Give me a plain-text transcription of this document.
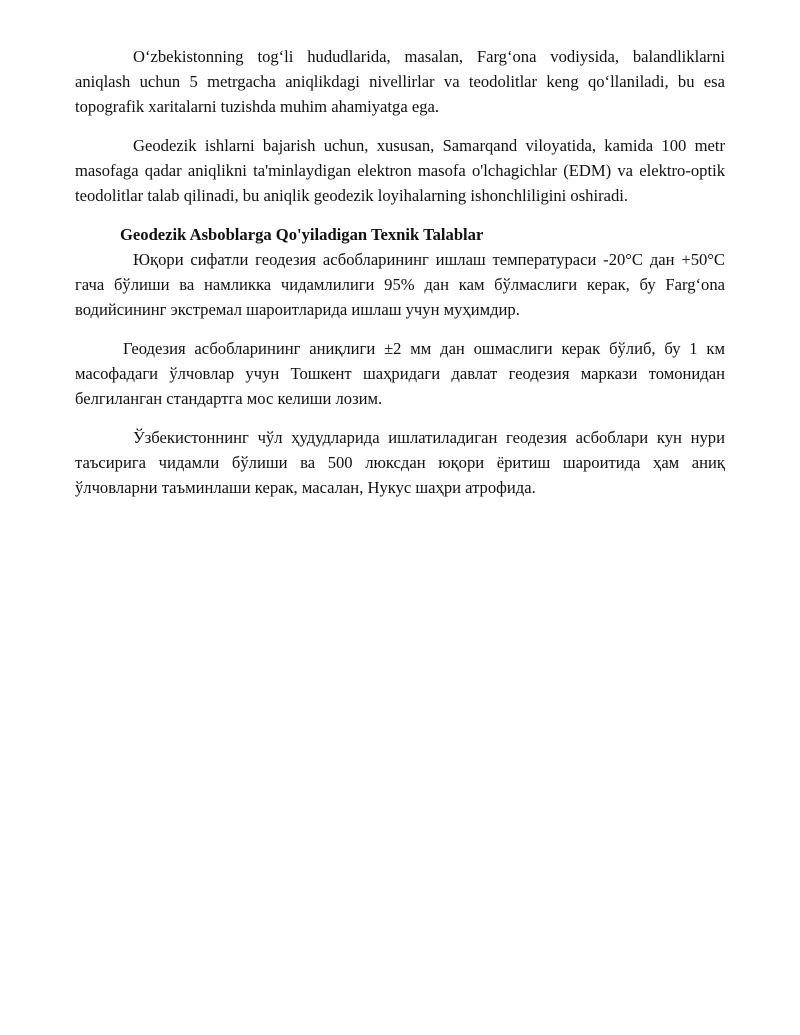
O‘zbekistonning tog‘li hududlarida, masalan, Farg‘ona vodiysida, balandliklarni aniqlash uchun 5 metrgacha aniqlikdagi nivellirlar va teodolitlar keng qo‘llaniladi, bu esa topografik xaritalarni tuzishda muhim ahamiyatga ega.

Geodezik ishlarni bajarish uchun, xususan, Samarqand viloyatida, kamida 100 metr masofaga qadar aniqlikni ta'minlaydigan elektron masofa o'lchagichlar (EDM) va elektro-optik teodolitlar talab qilinadi, bu aniqlik geodezik loyihalarning ishonchliligini oshiradi.

Geodezik Asboblarga Qo'yiladigan Texnik Talablar

Юқори сифатли геодезия асбобларининг ишлаш температураси -20°C дан +50°C гача бўлиши ва намликка чидамлилиги 95% дан кам бўлмаслиги керак, бу Farg‘ona водийсининг экстремал шароитларида ишлаш учун муҳимдир.

Геодезия асбобларининг аниқлиги ±2 мм дан ошмаслиги керак бўлиб, бу 1 км масофадаги ўлчовлар учун Тошкент шаҳридаги давлат геодезия маркази томонидан белгиланган стандартга мос келиши лозим.

Ўзбекистоннинг чўл ҳудудларида ишлатиладиган геодезия асбоблари кун нури таъсирига чидамли бўлиши ва 500 люксдан юқори ёритиш шароитида ҳам аниқ ўлчовларни таъминлаши керак, масалан, Нукус шаҳри атрофида.
